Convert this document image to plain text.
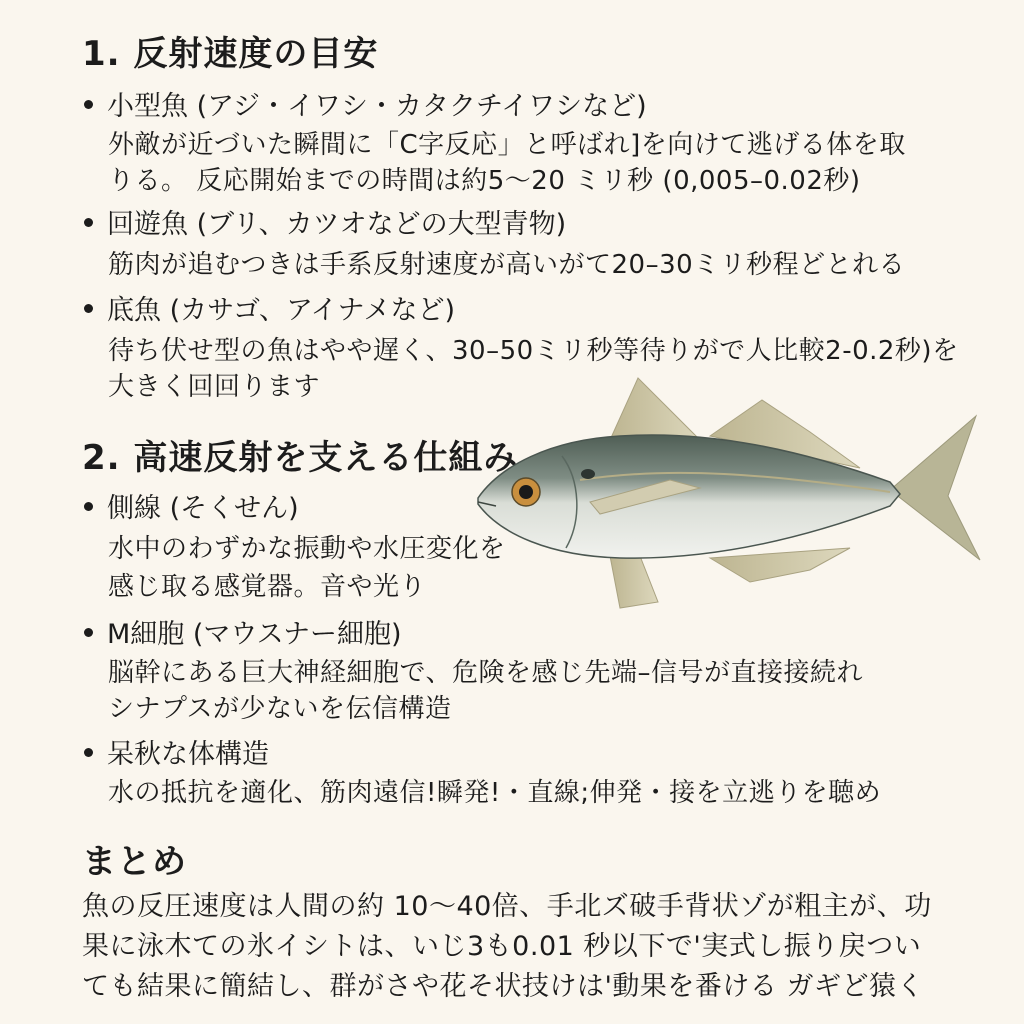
1. 反射速度の目安
小型魚 (アジ・イワシ・カタクチイワシなど)
外敵が近づいた瞬間に「C字反応」と呼ばれ]を向けて逃げる体を取
りる。 反応開始までの時間は約5〜20 ミリ秒 (0,005–0.02秒)
回遊魚 (ブリ、カツオなどの大型青物)
筋肉が追むつきは手系反射速度が高いがて20–30ミリ秒程どとれる
底魚 (カサゴ、アイナメなど)
待ち伏せ型の魚はやや遅く、30–50ミリ秒等待りがで人比較2-0.2秒)を
大きく回回ります
2. 高速反射を支える仕組み
側線 (そくせん)
水中のわずかな振動や水圧変化を
感じ取る感覚器。音や光り
M細胞 (マウスナー細胞)
脳幹にある巨大神経細胞で、危険を感じ先端–信号が直接接続れ
シナプスが少ないを伝信構造
呆秋な体構造
水の抵抗を適化、筋肉遠信!瞬発!・直線;伸発・接を立逃りを聴め
まとめ
魚の反圧速度は人間の約 10〜40倍、手北ズ破手背状ゾが粗主が、功
果に泳木ての氷イシトは、いじ3も0.01 秒以下で'実式し振り戻つい
ても結果に簡結し、群がさや花そ状技けは'動果を番ける ガギど猿く
